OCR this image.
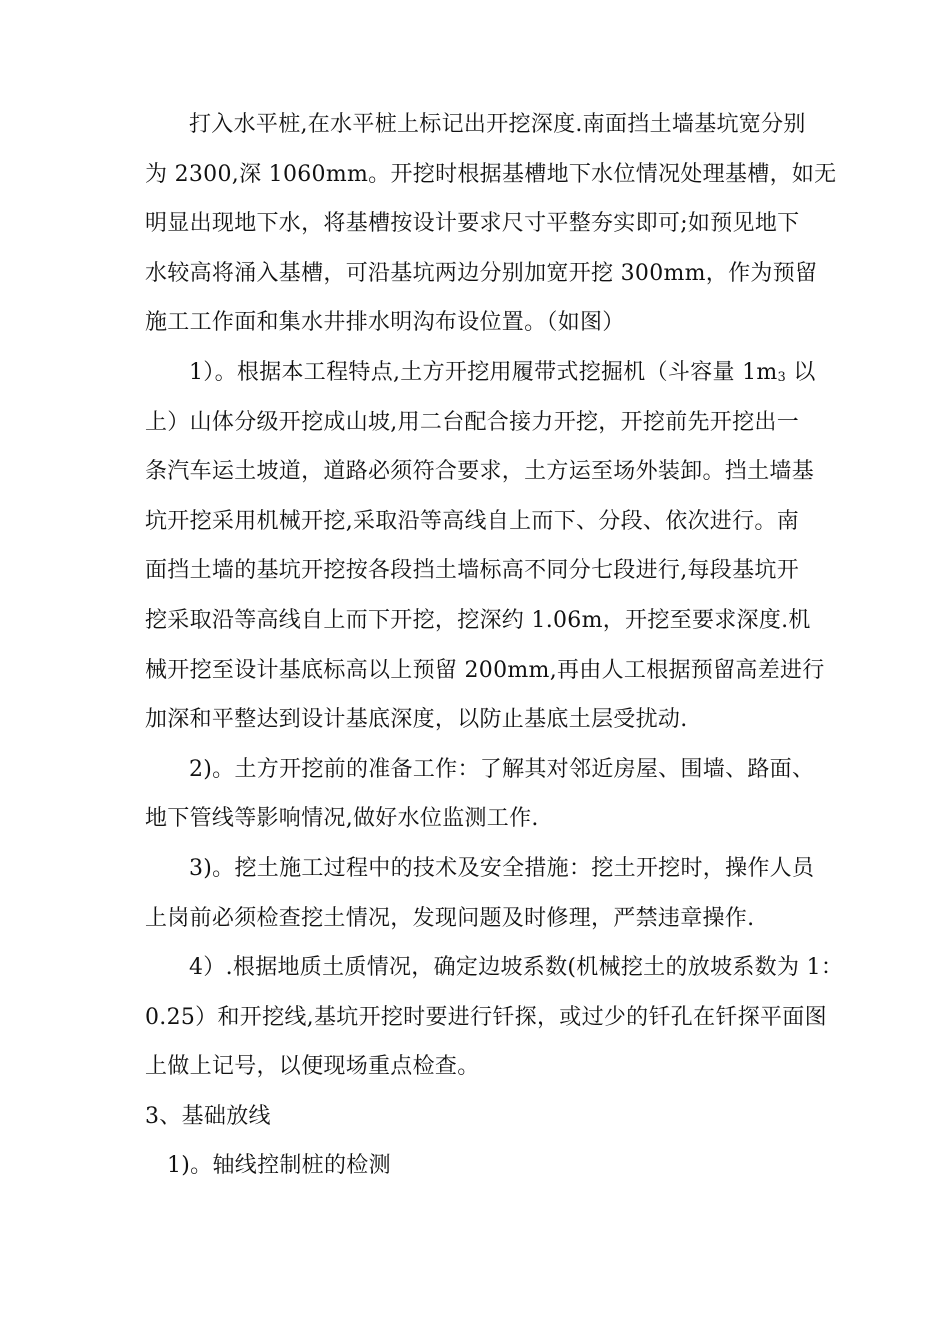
打入水平桩,在水平桩上标记出开挖深度.南面挡土墙基坑宽分别
为 2300,深 1060mm。开挖时根据基槽地下水位情况处理基槽，如无
明显出现地下水，将基槽按设计要求尺寸平整夯实即可;如预见地下
水较高将涌入基槽，可沿基坑两边分别加宽开挖 300mm，作为预留
施工工作面和集水井排水明沟布设位置。（如图）
1）。根据本工程特点,土方开挖用履带式挖掘机（斗容量 $1m_3$ 以
上）山体分级开挖成山坡,用二台配合接力开挖，开挖前先开挖出一
条汽车运土坡道，道路必须符合要求，土方运至场外装卸。挡土墙基
坑开挖采用机械开挖,采取沿等高线自上而下、分段、依次进行。南
面挡土墙的基坑开挖按各段挡土墙标高不同分七段进行,每段基坑开
挖采取沿等高线自上而下开挖，挖深约 1.06m，开挖至要求深度.机
械开挖至设计基底标高以上预留 200mm,再由人工根据预留高差进行
加深和平整达到设计基底深度，以防止基底土层受扰动.
2)。土方开挖前的准备工作：了解其对邻近房屋、围墙、路面、
地下管线等影响情况,做好水位监测工作.
3)。挖土施工过程中的技术及安全措施：挖土开挖时，操作人员
上岗前必须检查挖土情况，发现问题及时修理，严禁违章操作.
4）.根据地质土质情况，确定边坡系数(机械挖土的放坡系数为 1：
0.25）和开挖线,基坑开挖时要进行钎探，或过少的钎孔在钎探平面图
上做上记号，以便现场重点检查。
3、基础放线
1)。轴线控制桩的检测
